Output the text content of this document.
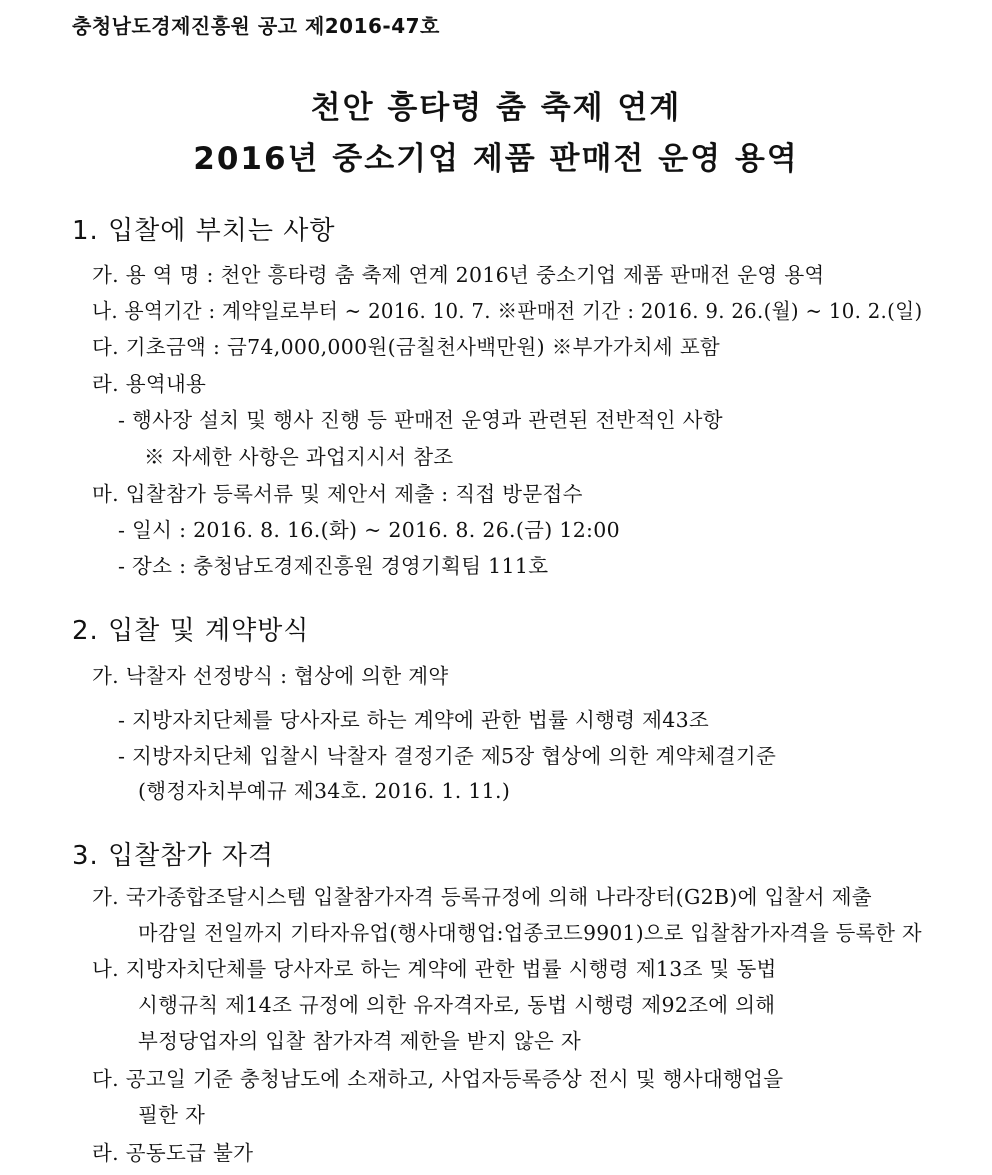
충청남도경제진흥원 공고 제2016-47호
천안 흥타령 춤 축제 연계
2016년 중소기업 제품 판매전 운영 용역
1. 입찰에 부치는 사항
가. 용 역 명 : 천안 흥타령 춤 축제 연계 2016년 중소기업 제품 판매전 운영 용역
나. 용역기간 : 계약일로부터 ~ 2016. 10. 7. ※판매전 기간 : 2016. 9. 26.(월) ~ 10. 2.(일)
다. 기초금액 : 금74,000,000원(금칠천사백만원) ※부가가치세 포함
라. 용역내용
- 행사장 설치 및 행사 진행 등 판매전 운영과 관련된 전반적인 사항
※ 자세한 사항은 과업지시서 참조
마. 입찰참가 등록서류 및 제안서 제출 : 직접 방문접수
- 일시 : 2016. 8. 16.(화) ~ 2016. 8. 26.(금) 12:00
- 장소 : 충청남도경제진흥원 경영기획팀 111호
2. 입찰 및 계약방식
가. 낙찰자 선정방식 : 협상에 의한 계약
- 지방자치단체를 당사자로 하는 계약에 관한 법률 시행령 제43조
- 지방자치단체 입찰시 낙찰자 결정기준 제5장 협상에 의한 계약체결기준
(행정자치부예규 제34호. 2016. 1. 11.)
3. 입찰참가 자격
가. 국가종합조달시스템 입찰참가자격 등록규정에 의해 나라장터(G2B)에 입찰서 제출
마감일 전일까지 기타자유업(행사대행업:업종코드9901)으로 입찰참가자격을 등록한 자
나. 지방자치단체를 당사자로 하는 계약에 관한 법률 시행령 제13조 및 동법
시행규칙 제14조 규정에 의한 유자격자로, 동법 시행령 제92조에 의해
부정당업자의 입찰 참가자격 제한을 받지 않은 자
다. 공고일 기준 충청남도에 소재하고, 사업자등록증상 전시 및 행사대행업을
필한 자
라. 공동도급 불가
